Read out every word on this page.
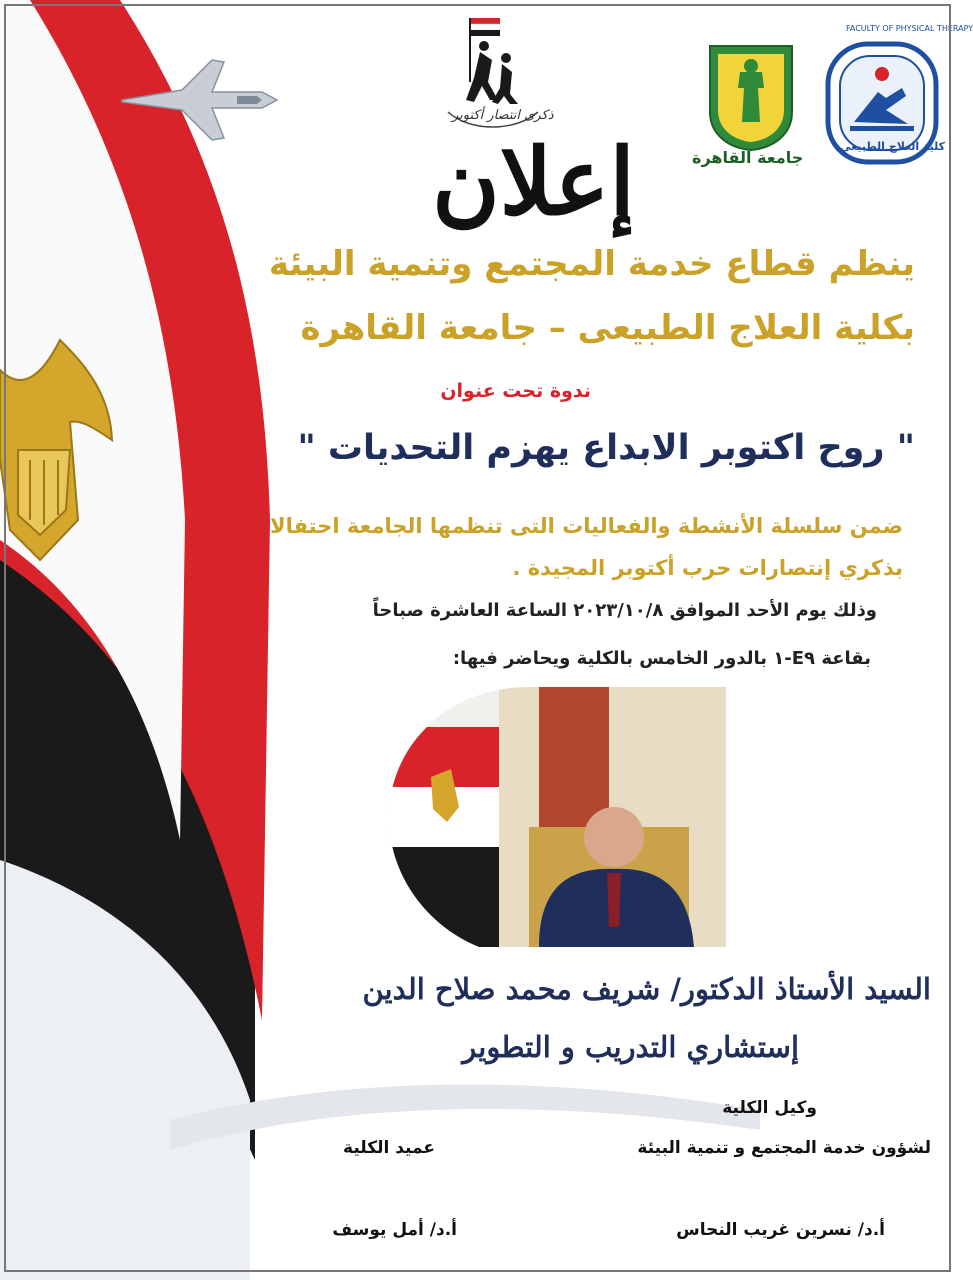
ذكرى انتصار أكتوبر

جامعة القاهرة

كلية العلاج الطبيعى

FACULTY OF PHYSICAL THERAPY

إعلان

ينظم قطاع خدمة المجتمع وتنمية البيئة

بكلية العلاج الطبيعى – جامعة القاهرة

ندوة تحت عنوان

" روح اكتوبر الابداع يهزم التحديات "

ضمن سلسلة الأنشطة والفعاليات التى تنظمها الجامعة احتفالا

بذكري إنتصارات حرب أكتوبر المجيدة .

وذلك يوم الأحد الموافق ٢٠٢٣/١٠/٨ الساعة العاشرة صباحاً

بقاعة E٩-١ بالدور الخامس بالكلية ويحاضر فيها:

السيد الأستاذ الدكتور/ شريف محمد صلاح الدين

إستشاري التدريب و التطوير

وكيل الكلية

لشؤون خدمة المجتمع و تنمية البيئة

عميد الكلية

أ.د/ نسرين غريب النحاس

أ.د/ أمل يوسف
